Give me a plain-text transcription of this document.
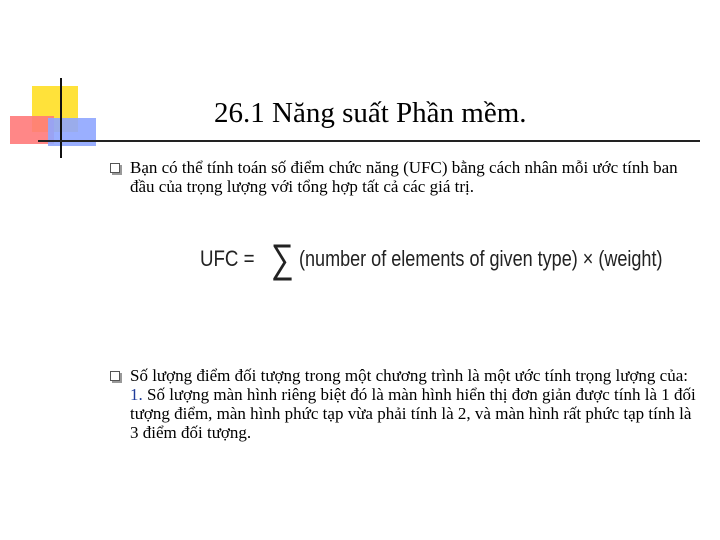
26.1 Năng suất Phần mềm.
Bạn có thể tính toán số điểm chức năng (UFC) bằng cách nhân mỗi ước tính ban đầu của trọng lượng với tổng hợp tất cả các giá trị.
UFC = ∑ (number of elements of given type) × (weight)
Số lượng điểm đối tượng trong một chương trình là một ước tính trọng lượng của:
1. Số lượng màn hình riêng biệt đó là màn hình hiển thị đơn giản được tính là 1 đối tượng điểm, màn hình phức tạp vừa phải tính là 2, và màn hình rất phức tạp tính là 3 điểm đối tượng.
